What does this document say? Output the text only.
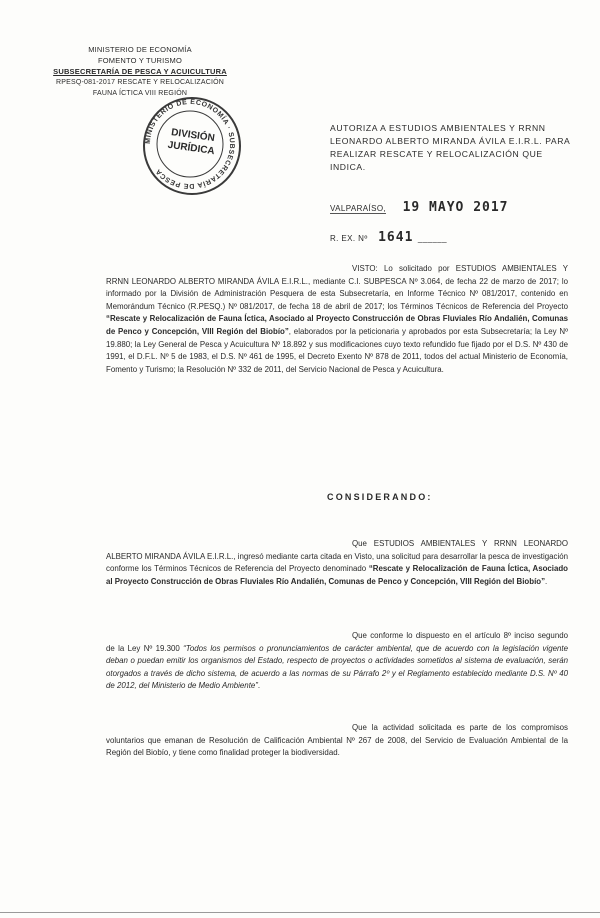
MINISTERIO DE ECONOMÍA
FOMENTO Y TURISMO
SUBSECRETARÍA DE PESCA Y ACUICULTURA
RPESQ-081-2017 RESCATE Y RELOCALIZACIÓN
FAUNA ÍCTICA VIII REGIÓN
MINISTERIO DE ECONOMÍA · SUBSECRETARÍA DE PESCA
DIVISIÓN
JURÍDICA
AUTORIZA A ESTUDIOS AMBIENTALES Y RRNN LEONARDO ALBERTO MIRANDA ÁVILA E.I.R.L. PARA REALIZAR RESCATE Y RELOCALIZACIÓN QUE INDICA.
VALPARAÍSO, 19 MAYO 2017
R. EX. Nº 1641 ______
VISTO: Lo solicitado por ESTUDIOS AMBIENTALES Y RRNN LEONARDO ALBERTO MIRANDA ÁVILA E.I.R.L., mediante C.I. SUBPESCA Nº 3.064, de fecha 22 de marzo de 2017; lo informado por la División de Administración Pesquera de esta Subsecretaría, en Informe Técnico Nº 081/2017, contenido en Memorándum Técnico (R.PESQ.) Nº 081/2017, de fecha 18 de abril de 2017; los Términos Técnicos de Referencia del Proyecto “Rescate y Relocalización de Fauna Íctica, Asociado al Proyecto Construcción de Obras Fluviales Río Andalién, Comunas de Penco y Concepción, VIII Región del Biobío”, elaborados por la peticionaria y aprobados por esta Subsecretaría; la Ley Nº 19.880; la Ley General de Pesca y Acuicultura Nº 18.892 y sus modificaciones cuyo texto refundido fue fijado por el D.S. Nº 430 de 1991, el D.F.L. Nº 5 de 1983, el D.S. Nº 461 de 1995, el Decreto Exento Nº 878 de 2011, todos del actual Ministerio de Economía, Fomento y Turismo; la Resolución Nº 332 de 2011, del Servicio Nacional de Pesca y Acuicultura.
CONSIDERANDO:
Que ESTUDIOS AMBIENTALES Y RRNN LEONARDO ALBERTO MIRANDA ÁVILA E.I.R.L., ingresó mediante carta citada en Visto, una solicitud para desarrollar la pesca de investigación conforme los Términos Técnicos de Referencia del Proyecto denominado “Rescate y Relocalización de Fauna Íctica, Asociado al Proyecto Construcción de Obras Fluviales Río Andalién, Comunas de Penco y Concepción, VIII Región del Biobío”.
Que conforme lo dispuesto en el artículo 8º inciso segundo de la Ley Nº 19.300 “Todos los permisos o pronunciamientos de carácter ambiental, que de acuerdo con la legislación vigente deban o puedan emitir los organismos del Estado, respecto de proyectos o actividades sometidos al sistema de evaluación, serán otorgados a través de dicho sistema, de acuerdo a las normas de su Párrafo 2º y el Reglamento establecido mediante D.S. Nº 40 de 2012, del Ministerio de Medio Ambiente”.
Que la actividad solicitada es parte de los compromisos voluntarios que emanan de Resolución de Calificación Ambiental Nº 267 de 2008, del Servicio de Evaluación Ambiental de la Región del Biobío, y tiene como finalidad proteger la biodiversidad.
